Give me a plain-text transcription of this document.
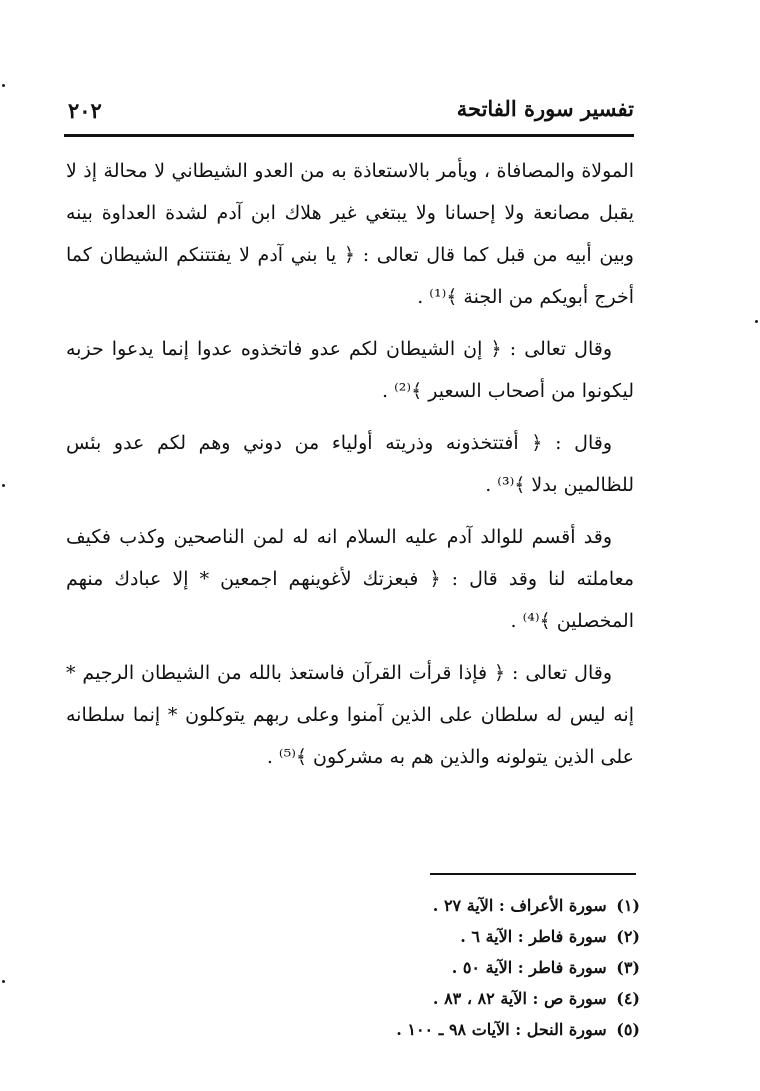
تفسير سورة الفاتحة
٢٠٢

المولاة والمصافاة ، ويأمر بالاستعاذة به من العدو الشيطاني لا محالة إذ لا يقبل مصانعة ولا إحسانا ولا يبتغي غير هلاك ابن آدم لشدة العداوة بينه وبين أبيه من قبل كما قال تعالى : ﴿ يا بني آدم لا يفتتنكم الشيطان كما أخرج أبويكم من الجنة ﴾⁽¹⁾ .

وقال تعالى : ﴿ إن الشيطان لكم عدو فاتخذوه عدوا إنما يدعوا حزبه ليكونوا من أصحاب السعير ﴾⁽²⁾ .

وقال : ﴿ أفتتخذونه وذريته أولياء من دوني وهم لكم عدو بئس للظالمين بدلا ﴾⁽³⁾ .

وقد أقسم للوالد آدم عليه السلام انه له لمن الناصحين وكذب فكيف معاملته لنا وقد قال : ﴿ فبعزتك لأغوينهم اجمعين * إلا عبادك منهم المخصلين ﴾⁽⁴⁾ .

وقال تعالى : ﴿ فإذا قرأت القرآن فاستعذ بالله من الشيطان الرجيم * إنه ليس له سلطان على الذين آمنوا وعلى ربهم يتوكلون * إنما سلطانه على الذين يتولونه والذين هم به مشركون ﴾⁽⁵⁾ .

(١) سورة الأعراف : الآية ٢٧ .
(٢) سورة فاطر : الآية ٦ .
(٣) سورة فاطر : الآية ٥٠ .
(٤) سورة ص : الآية ٨٢ ، ٨٣ .
(٥) سورة النحل : الآيات ٩٨ ـ ١٠٠ .
